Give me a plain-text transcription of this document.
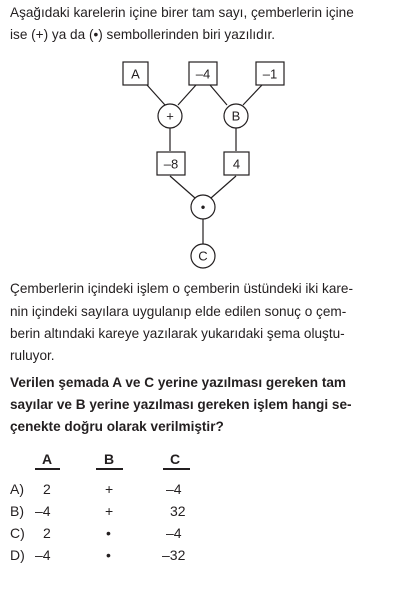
Aşağıdaki karelerin içine birer tam sayı, çemberlerin içine
ise (+) ya da (•) sembollerinden biri yazılıdır.
A	–4	–1
+	B
–8	4
•
C
Çemberlerin içindeki işlem o çemberin üstündeki iki kare-
nin içindeki sayılara uygulanıp elde edilen sonuç o çem-
berin altındaki kareye yazılarak yukarıdaki şema oluştu-
ruluyor.
Verilen şemada A ve C yerine yazılması gereken tam
sayılar ve B yerine yazılması gereken işlem hangi se-
çenekte doğru olarak verilmiştir?
A	B	C
A) 2	+	–4
B) –4	+	32
C) 2	•	–4
D) –4	•	–32
